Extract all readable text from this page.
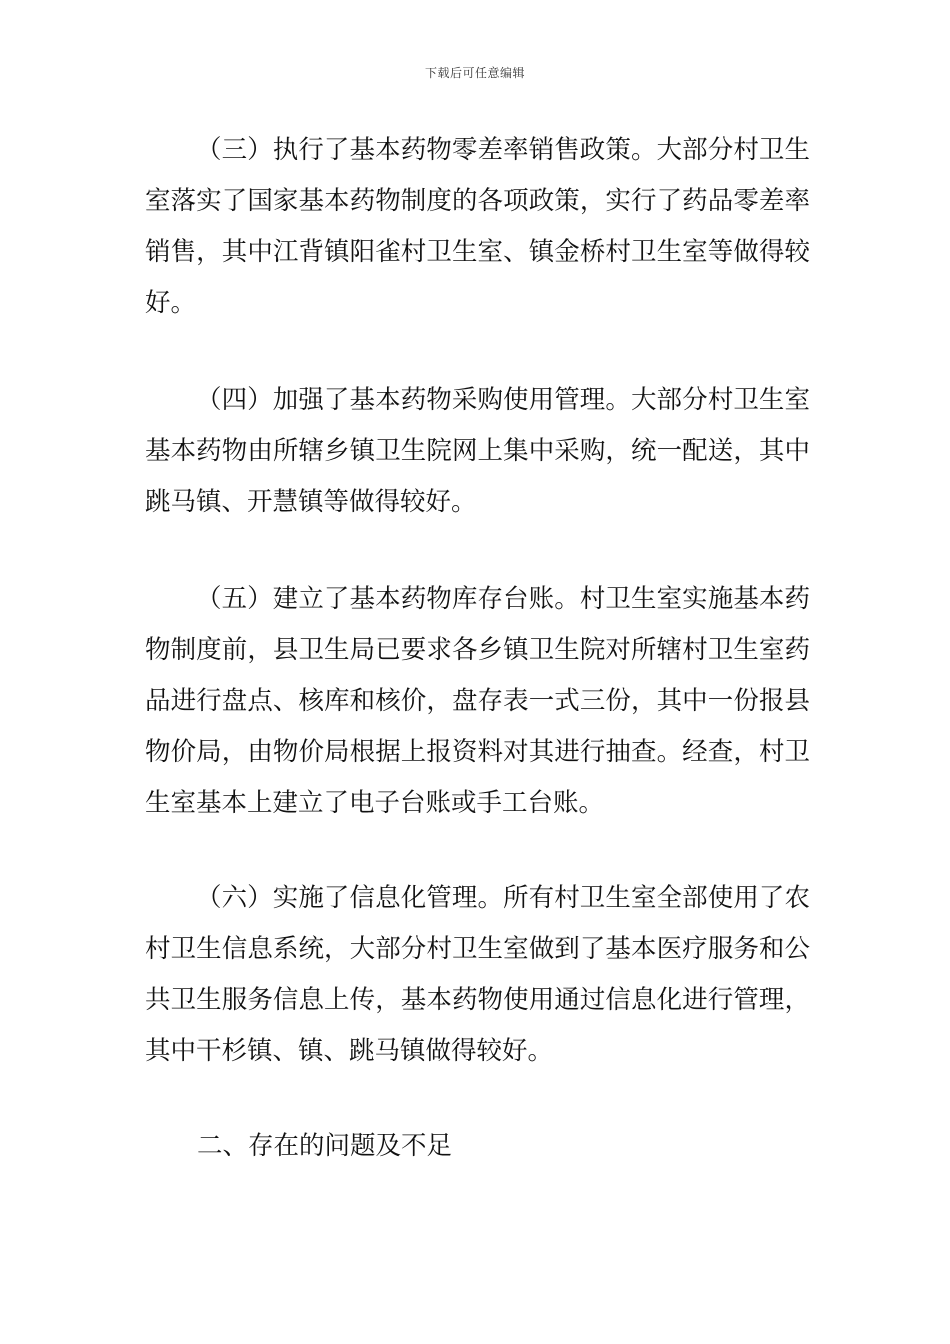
下载后可任意编辑

（三）执行了基本药物零差率销售政策。大部分村卫生室落实了国家基本药物制度的各项政策，实行了药品零差率销售，其中江背镇阳雀村卫生室、镇金桥村卫生室等做得较好。

（四）加强了基本药物采购使用管理。大部分村卫生室基本药物由所辖乡镇卫生院网上集中采购，统一配送，其中跳马镇、开慧镇等做得较好。

（五）建立了基本药物库存台账。村卫生室实施基本药物制度前，县卫生局已要求各乡镇卫生院对所辖村卫生室药品进行盘点、核库和核价，盘存表一式三份，其中一份报县物价局，由物价局根据上报资料对其进行抽查。经查，村卫生室基本上建立了电子台账或手工台账。

（六）实施了信息化管理。所有村卫生室全部使用了农村卫生信息系统，大部分村卫生室做到了基本医疗服务和公共卫生服务信息上传，基本药物使用通过信息化进行管理，其中干杉镇、镇、跳马镇做得较好。

二、存在的问题及不足
